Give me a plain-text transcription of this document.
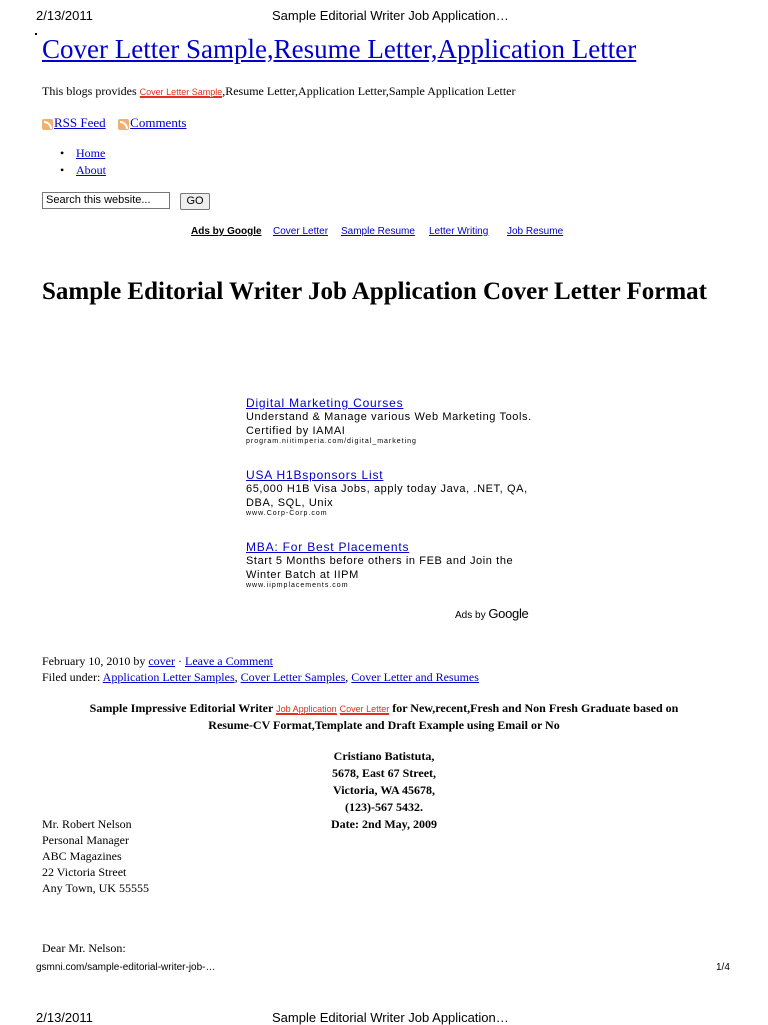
2/13/2011	Sample Editorial Writer Job Application…
Cover Letter Sample,Resume Letter,Application Letter
This blogs provides Cover Letter Sample,Resume Letter,Application Letter,Sample Application Letter
RSS Feed Comments
• Home
• About
Search this website...	GO
Ads by Google Cover Letter Sample Resume Letter Writing Job Resume
Sample Editorial Writer Job Application Cover Letter Format
Digital Marketing Courses
Understand & Manage various Web Marketing Tools. Certified by IAMAI
program.niitimperia.com/digital_marketing
USA H1Bsponsors List
65,000 H1B Visa Jobs, apply today Java, .NET, QA, DBA, SQL, Unix
www.Corp-Corp.com
MBA: For Best Placements
Start 5 Months before others in FEB and Join the Winter Batch at IIPM
www.iipmplacements.com
Ads by Google
February 10, 2010 by cover · Leave a Comment
Filed under: Application Letter Samples, Cover Letter Samples, Cover Letter and Resumes
Sample Impressive Editorial Writer Job Application Cover Letter for New,recent,Fresh and Non Fresh Graduate based on
Resume-CV Format,Template and Draft Example using Email or No
Cristiano Batistuta,
5678, East 67 Street,
Victoria, WA 45678,
(123)-567 5432.
Date: 2nd May, 2009
Mr. Robert Nelson
Personal Manager
ABC Magazines
22 Victoria Street
Any Town, UK 55555
Dear Mr. Nelson:
gsmni.com/sample-editorial-writer-job-…	1/4
2/13/2011	Sample Editorial Writer Job Application…
